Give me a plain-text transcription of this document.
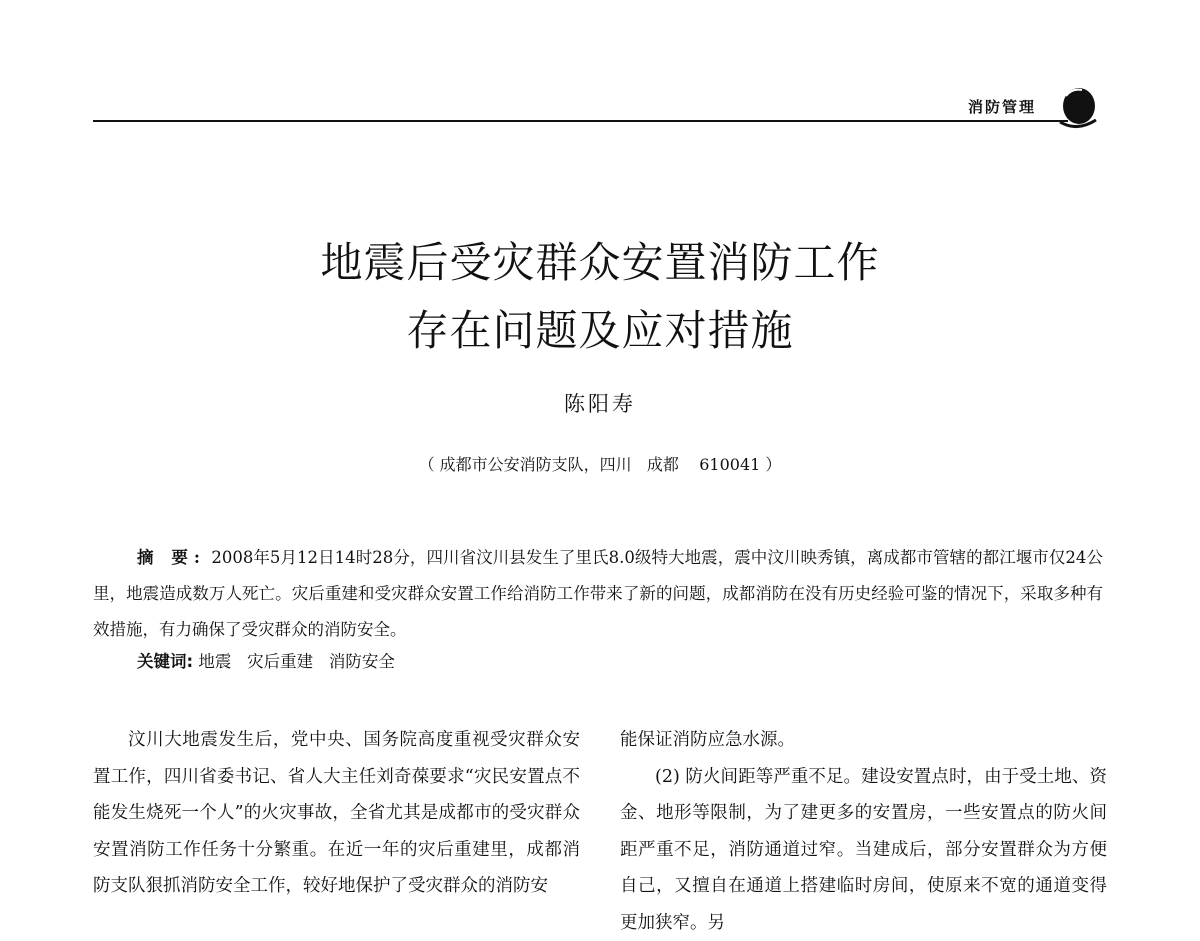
消防管理
地震后受灾群众安置消防工作
存在问题及应对措施
陈阳寿
（ 成都市公安消防支队，四川   成都    610041 ）
摘 要: 2008年5月12日14时28分，四川省汶川县发生了里氏8.0级特大地震，震中汶川映秀镇，离成都市管辖的都江堰市仅24公里，地震造成数万人死亡。灾后重建和受灾群众安置工作给消防工作带来了新的问题，成都消防在没有历史经验可鉴的情况下，采取多种有效措施，有力确保了受灾群众的消防安全。
关键词: 地震   灾后重建   消防安全

汶川大地震发生后，党中央、国务院高度重视受灾群众安置工作，四川省委书记、省人大主任刘奇葆要求“灾民安置点不能发生烧死一个人”的火灾事故，全省尤其是成都市的受灾群众安置消防工作任务十分繁重。在近一年的灾后重建里，成都消防支队狠抓消防安全工作，较好地保护了受灾群众的消防安

能保证消防应急水源。

(2) 防火间距等严重不足。建设安置点时，由于受土地、资金、地形等限制，为了建更多的安置房，一些安置点的防火间距严重不足，消防通道过窄。当建成后，部分安置群众为方便自己，又擅自在通道上搭建临时房间，使原来不宽的通道变得更加狭窄。另
